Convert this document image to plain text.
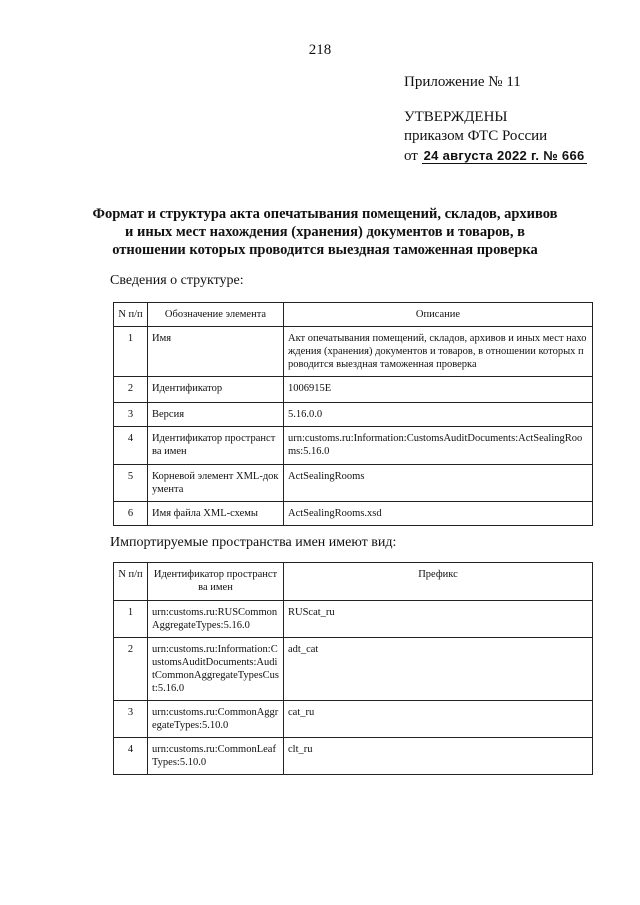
218
Приложение № 11
УТВЕРЖДЕНЫ
приказом ФТС России
от 24 августа 2022 г. № 666
Формат и структура акта опечатывания помещений, складов, архивов и иных мест нахождения (хранения) документов и товаров, в отношении которых проводится выездная таможенная проверка
Сведения о структуре:
N п/п	Обозначение элемента	Описание
1	Имя	Акт опечатывания помещений, складов, архивов и иных мест нахождения (хранения) документов и товаров, в отношении которых проводится выездная таможенная проверка
2	Идентификатор	1006915E
3	Версия	5.16.0.0
4	Идентификатор пространства имен	urn:customs.ru:Information:CustomsAuditDocuments:ActSealingRooms:5.16.0
5	Корневой элемент XML-документа	ActSealingRooms
6	Имя файла XML-схемы	ActSealingRooms.xsd
Импортируемые пространства имен имеют вид:
N п/п	Идентификатор пространства имен	Префикс
1	urn:customs.ru:RUSCommonAggregateTypes:5.16.0	RUScat_ru
2	urn:customs.ru:Information:CustomsAuditDocuments:AuditCommonAggregateTypesCust:5.16.0	adt_cat
3	urn:customs.ru:CommonAggregateTypes:5.10.0	cat_ru
4	urn:customs.ru:CommonLeafTypes:5.10.0	clt_ru
